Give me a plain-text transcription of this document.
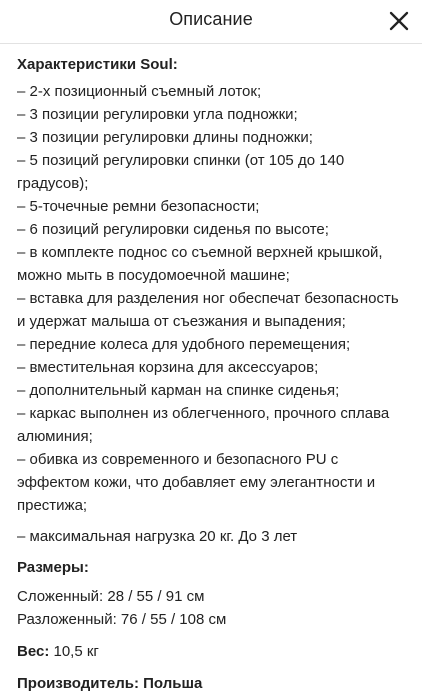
Описание
Характеристики Soul:
– 2-х позиционный съемный лоток;
– 3 позиции регулировки угла подножки;
– 3 позиции регулировки длины подножки;
– 5 позиций регулировки спинки (от 105 до 140 градусов);
– 5-точечные ремни безопасности;
– 6 позиций регулировки сиденья по высоте;
– в комплекте поднос со съемной верхней крышкой, можно мыть в посудомоечной машине;
– вставка для разделения ног обеспечат безопасность и удержат малыша от съезжания и выпадения;
– передние колеса для удобного перемещения;
– вместительная корзина для аксессуаров;
– дополнительный карман на спинке сиденья;
– каркас выполнен из облегченного, прочного сплава алюминия;
– обивка из современного и безопасного PU с эффектом кожи, что добавляет ему элегантности и престижа;
– максимальная нагрузка 20 кг. До 3 лет
Размеры:
Сложенный: 28 / 55 / 91 см
Разложенный: 76 / 55 / 108 см
Вес: 10,5 кг
Производитель: Польша
